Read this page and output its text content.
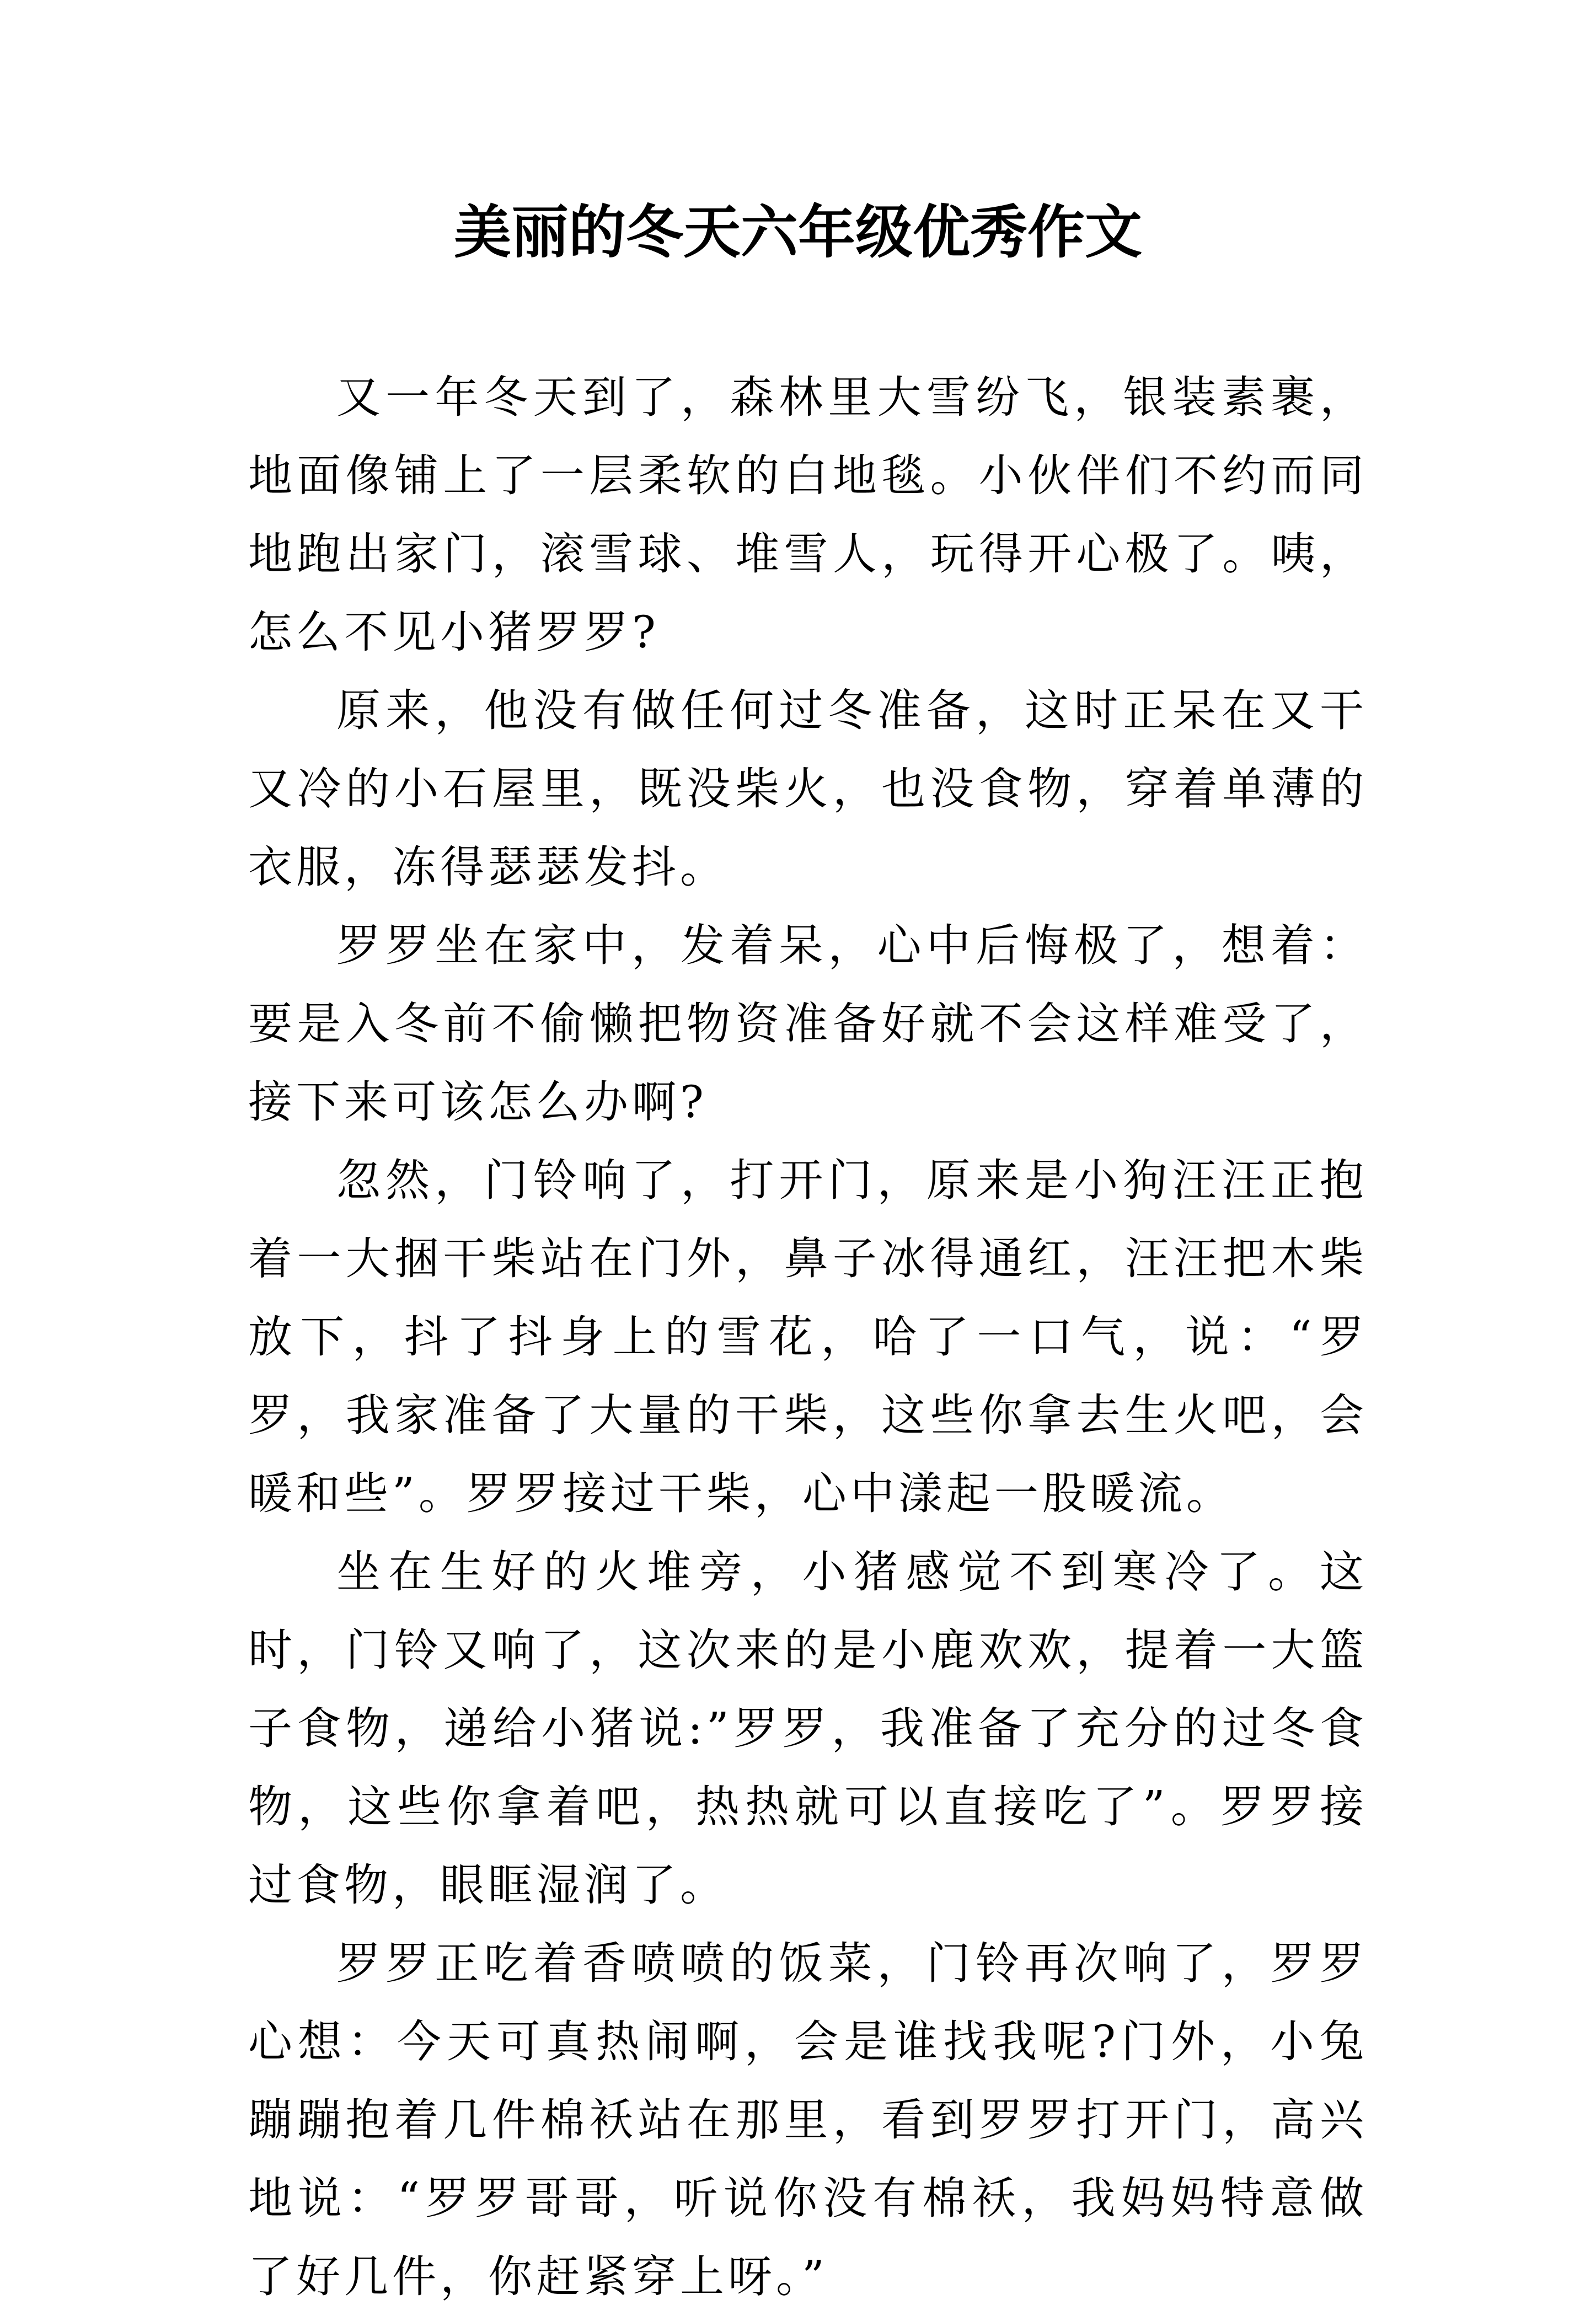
美丽的冬天六年级优秀作文

又一年冬天到了，森林里大雪纷飞，银装素裹，地面像铺上了一层柔软的白地毯。小伙伴们不约而同地跑出家门，滚雪球、堆雪人，玩得开心极了。咦，怎么不见小猪罗罗?

原来，他没有做任何过冬准备，这时正呆在又干又冷的小石屋里，既没柴火，也没食物，穿着单薄的衣服，冻得瑟瑟发抖。

罗罗坐在家中，发着呆，心中后悔极了，想着：要是入冬前不偷懒把物资准备好就不会这样难受了，接下来可该怎么办啊?

忽然，门铃响了，打开门，原来是小狗汪汪正抱着一大捆干柴站在门外，鼻子冰得通红，汪汪把木柴放下，抖了抖身上的雪花，哈了一口气，说：“罗罗，我家准备了大量的干柴，这些你拿去生火吧，会暖和些”。罗罗接过干柴，心中漾起一股暖流。

坐在生好的火堆旁，小猪感觉不到寒冷了。这时，门铃又响了，这次来的是小鹿欢欢，提着一大篮子食物，递给小猪说:”罗罗，我准备了充分的过冬食物，这些你拿着吧，热热就可以直接吃了”。罗罗接过食物，眼眶湿润了。

罗罗正吃着香喷喷的饭菜，门铃再次响了，罗罗心想：今天可真热闹啊，会是谁找我呢?门外，小兔蹦蹦抱着几件棉袄站在那里，看到罗罗打开门，高兴地说：“罗罗哥哥，听说你没有棉袄，我妈妈特意做了好几件，你赶紧穿上呀。”
